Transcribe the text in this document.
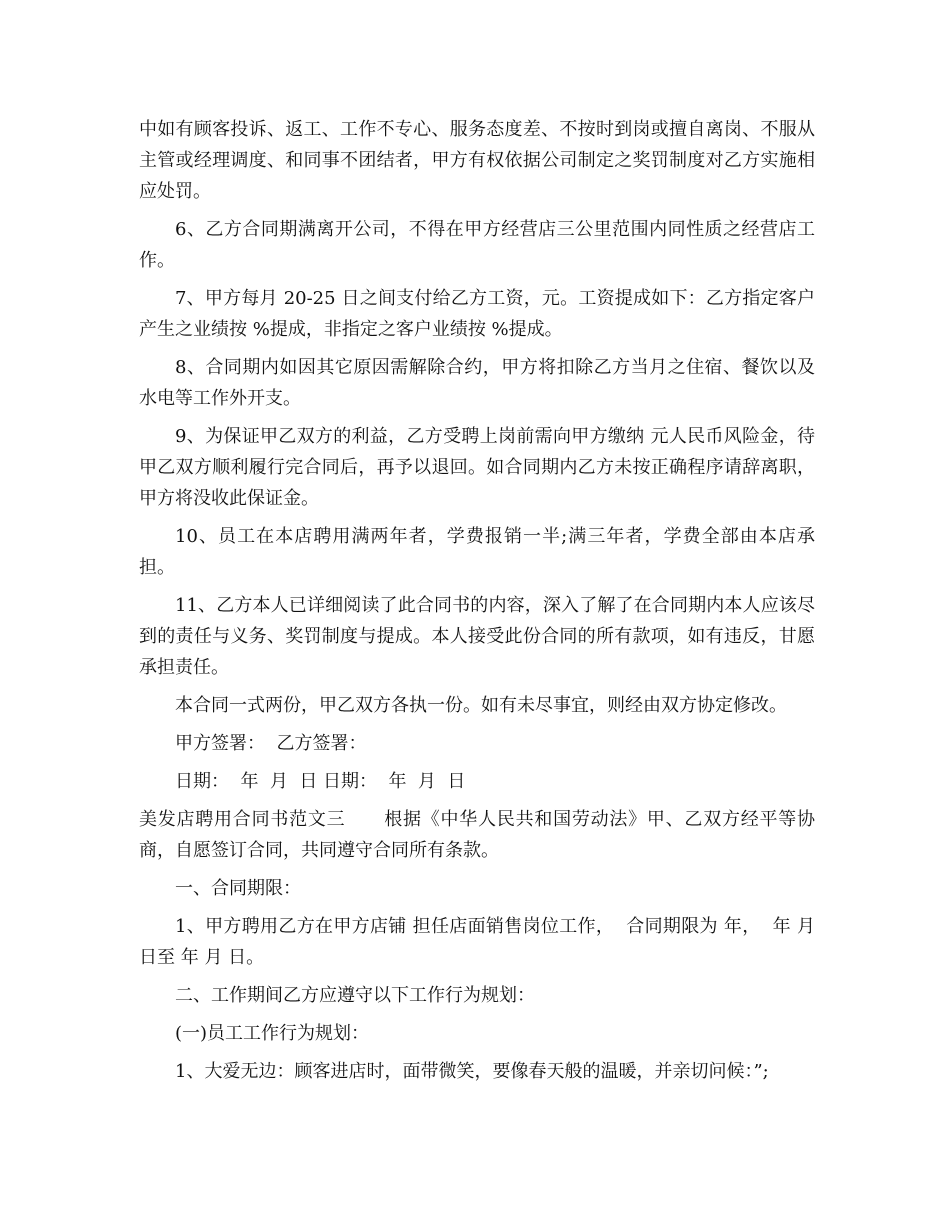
中如有顾客投诉、返工、工作不专心、服务态度差、不按时到岗或擅自离岗、不服从主管或经理调度、和同事不团结者，甲方有权依据公司制定之奖罚制度对乙方实施相应处罚。

6、乙方合同期满离开公司，不得在甲方经营店三公里范围内同性质之经营店工作。

7、甲方每月 20-25 日之间支付给乙方工资，元。工资提成如下：乙方指定客户产生之业绩按 %提成，非指定之客户业绩按 %提成。

8、合同期内如因其它原因需解除合约，甲方将扣除乙方当月之住宿、餐饮以及水电等工作外开支。

9、为保证甲乙双方的利益，乙方受聘上岗前需向甲方缴纳 元人民币风险金，待甲乙双方顺利履行完合同后，再予以退回。如合同期内乙方未按正确程序请辞离职，甲方将没收此保证金。

10、员工在本店聘用满两年者，学费报销一半;满三年者，学费全部由本店承担。

11、乙方本人已详细阅读了此合同书的内容，深入了解了在合同期内本人应该尽到的责任与义务、奖罚制度与提成。本人接受此份合同的所有款项，如有违反，甘愿承担责任。

本合同一式两份，甲乙双方各执一份。如有未尽事宜，则经由双方协定修改。

甲方签署：  乙方签署：

日期：  年  月  日 日期：  年  月  日

美发店聘用合同书范文三      根据《中华人民共和国劳动法》甲、乙双方经平等协商，自愿签订合同，共同遵守合同所有条款。

一、合同期限：

1、甲方聘用乙方在甲方店铺 担任店面销售岗位工作，  合同期限为 年，  年 月 日至 年 月 日。

二、工作期间乙方应遵守以下工作行为规划：

(一)员工工作行为规划：

1、大爱无边：顾客进店时，面带微笑，要像春天般的温暖，并亲切问候：”;
